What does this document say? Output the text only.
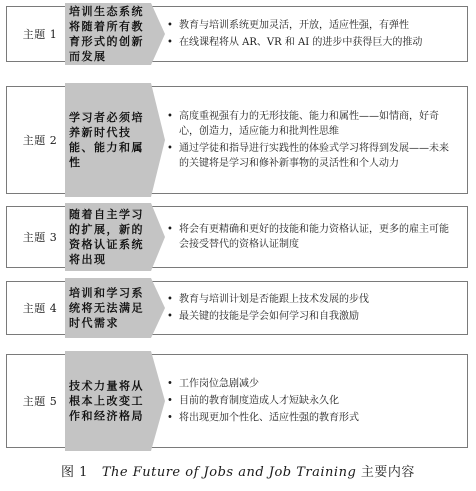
主题 1
培训生态系统将随着所有教育形式的创新而发展
• 教育与培训系统更加灵活，开放，适应性强，有弹性
• 在线课程将从 AR、VR 和 AI 的进步中获得巨大的推动
主题 2
学习者必须培养新时代技能、能力和属性
• 高度重视强有力的无形技能、能力和属性——如情商，好奇心，创造力，适应能力和批判性思维
• 通过学徒和指导进行实践性的体验式学习将得到发展——未来的关键将是学习和修补新事物的灵活性和个人动力
主题 3
随着自主学习的扩展，新的资格认证系统将出现
• 将会有更精确和更好的技能和能力资格认证，更多的雇主可能会接受替代的资格认证制度
主题 4
培训和学习系统将无法满足时代需求
• 教育与培训计划是否能跟上技术发展的步伐
• 最关键的技能是学会如何学习和自我激励
主题 5
技术力量将从根本上改变工作和经济格局
• 工作岗位急剧减少
• 目前的教育制度造成人才短缺永久化
• 将出现更加个性化、适应性强的教育形式
图 1 The Future of Jobs and Job Training 主要内容
